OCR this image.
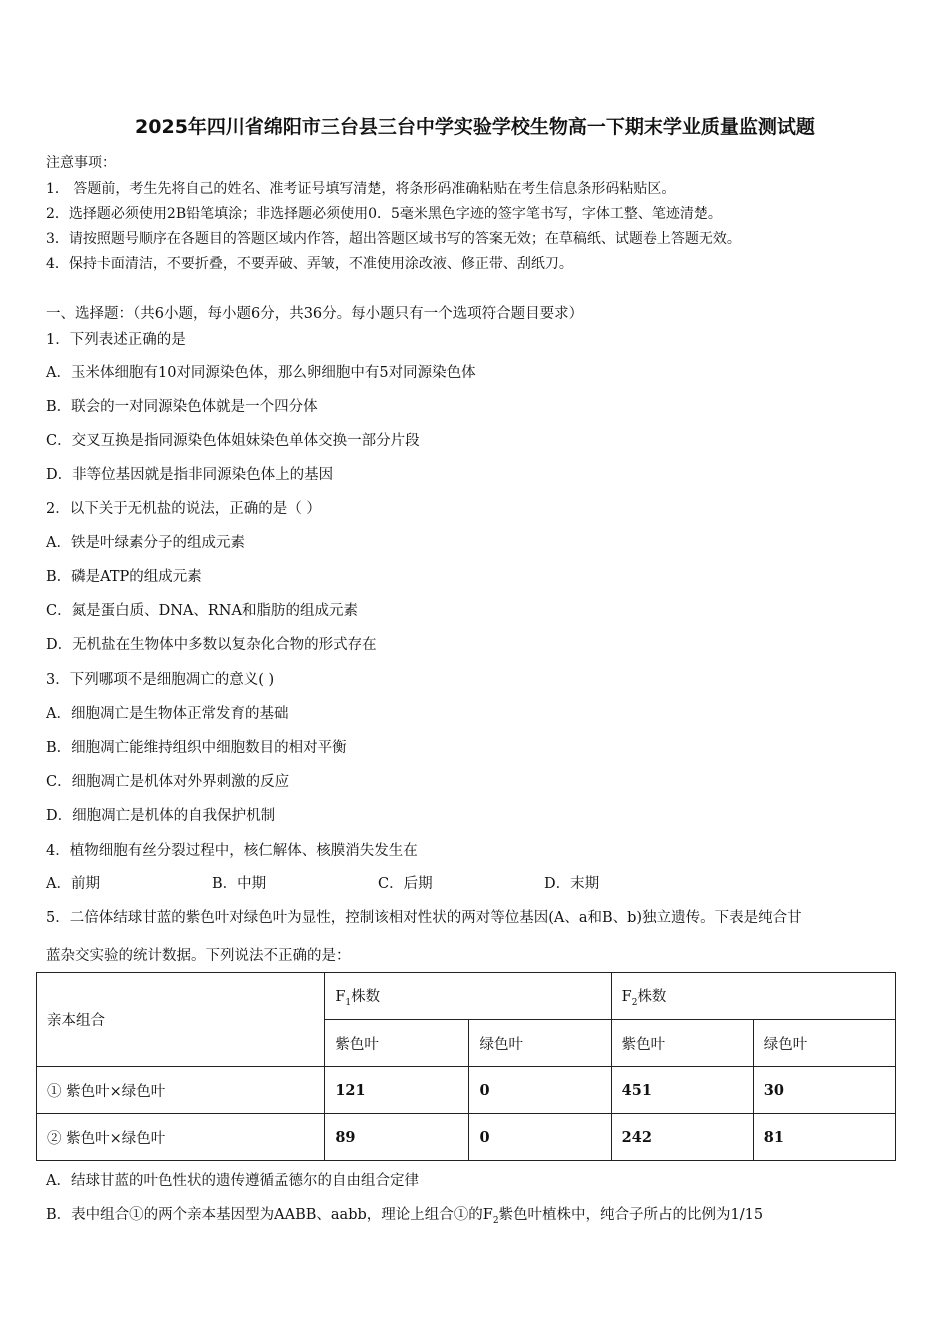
2025年四川省绵阳市三台县三台中学实验学校生物高一下期末学业质量监测试题
注意事项：
1． 答题前，考生先将自己的姓名、准考证号填写清楚，将条形码准确粘贴在考生信息条形码粘贴区。
2．选择题必须使用2B铅笔填涂；非选择题必须使用0．5毫米黑色字迹的签字笔书写，字体工整、笔迹清楚。
3．请按照题号顺序在各题目的答题区域内作答，超出答题区域书写的答案无效；在草稿纸、试题卷上答题无效。
4．保持卡面清洁，不要折叠，不要弄破、弄皱，不准使用涂改液、修正带、刮纸刀。
一、选择题：（共6小题，每小题6分，共36分。每小题只有一个选项符合题目要求）
1．下列表述正确的是
A．玉米体细胞有10对同源染色体，那么卵细胞中有5对同源染色体
B．联会的一对同源染色体就是一个四分体
C．交叉互换是指同源染色体姐妹染色单体交换一部分片段
D．非等位基因就是指非同源染色体上的基因
2．以下关于无机盐的说法，正确的是（ ）
A．铁是叶绿素分子的组成元素
B．磷是ATP的组成元素
C．氮是蛋白质、DNA、RNA和脂肪的组成元素
D．无机盐在生物体中多数以复杂化合物的形式存在
3．下列哪项不是细胞凋亡的意义( )
A．细胞凋亡是生物体正常发育的基础
B．细胞凋亡能维持组织中细胞数目的相对平衡
C．细胞凋亡是机体对外界刺激的反应
D．细胞凋亡是机体的自我保护机制
4．植物细胞有丝分裂过程中，核仁解体、核膜消失发生在
A．前期	B．中期	C．后期	D．末期
5．二倍体结球甘蓝的紫色叶对绿色叶为显性，控制该相对性状的两对等位基因(A、a和B、b)独立遗传。下表是纯合甘
蓝杂交实验的统计数据。下列说法不正确的是：
亲本组合	$F_1$株数		$F_2$株数	
	紫色叶	绿色叶	紫色叶	绿色叶
① 紫色叶×绿色叶	121	0	451	30
② 紫色叶×绿色叶	89	0	242	81
A．结球甘蓝的叶色性状的遗传遵循孟德尔的自由组合定律
B．表中组合①的两个亲本基因型为AABB、aabb，理论上组合①的$F_2$紫色叶植株中，纯合子所占的比例为1/15
